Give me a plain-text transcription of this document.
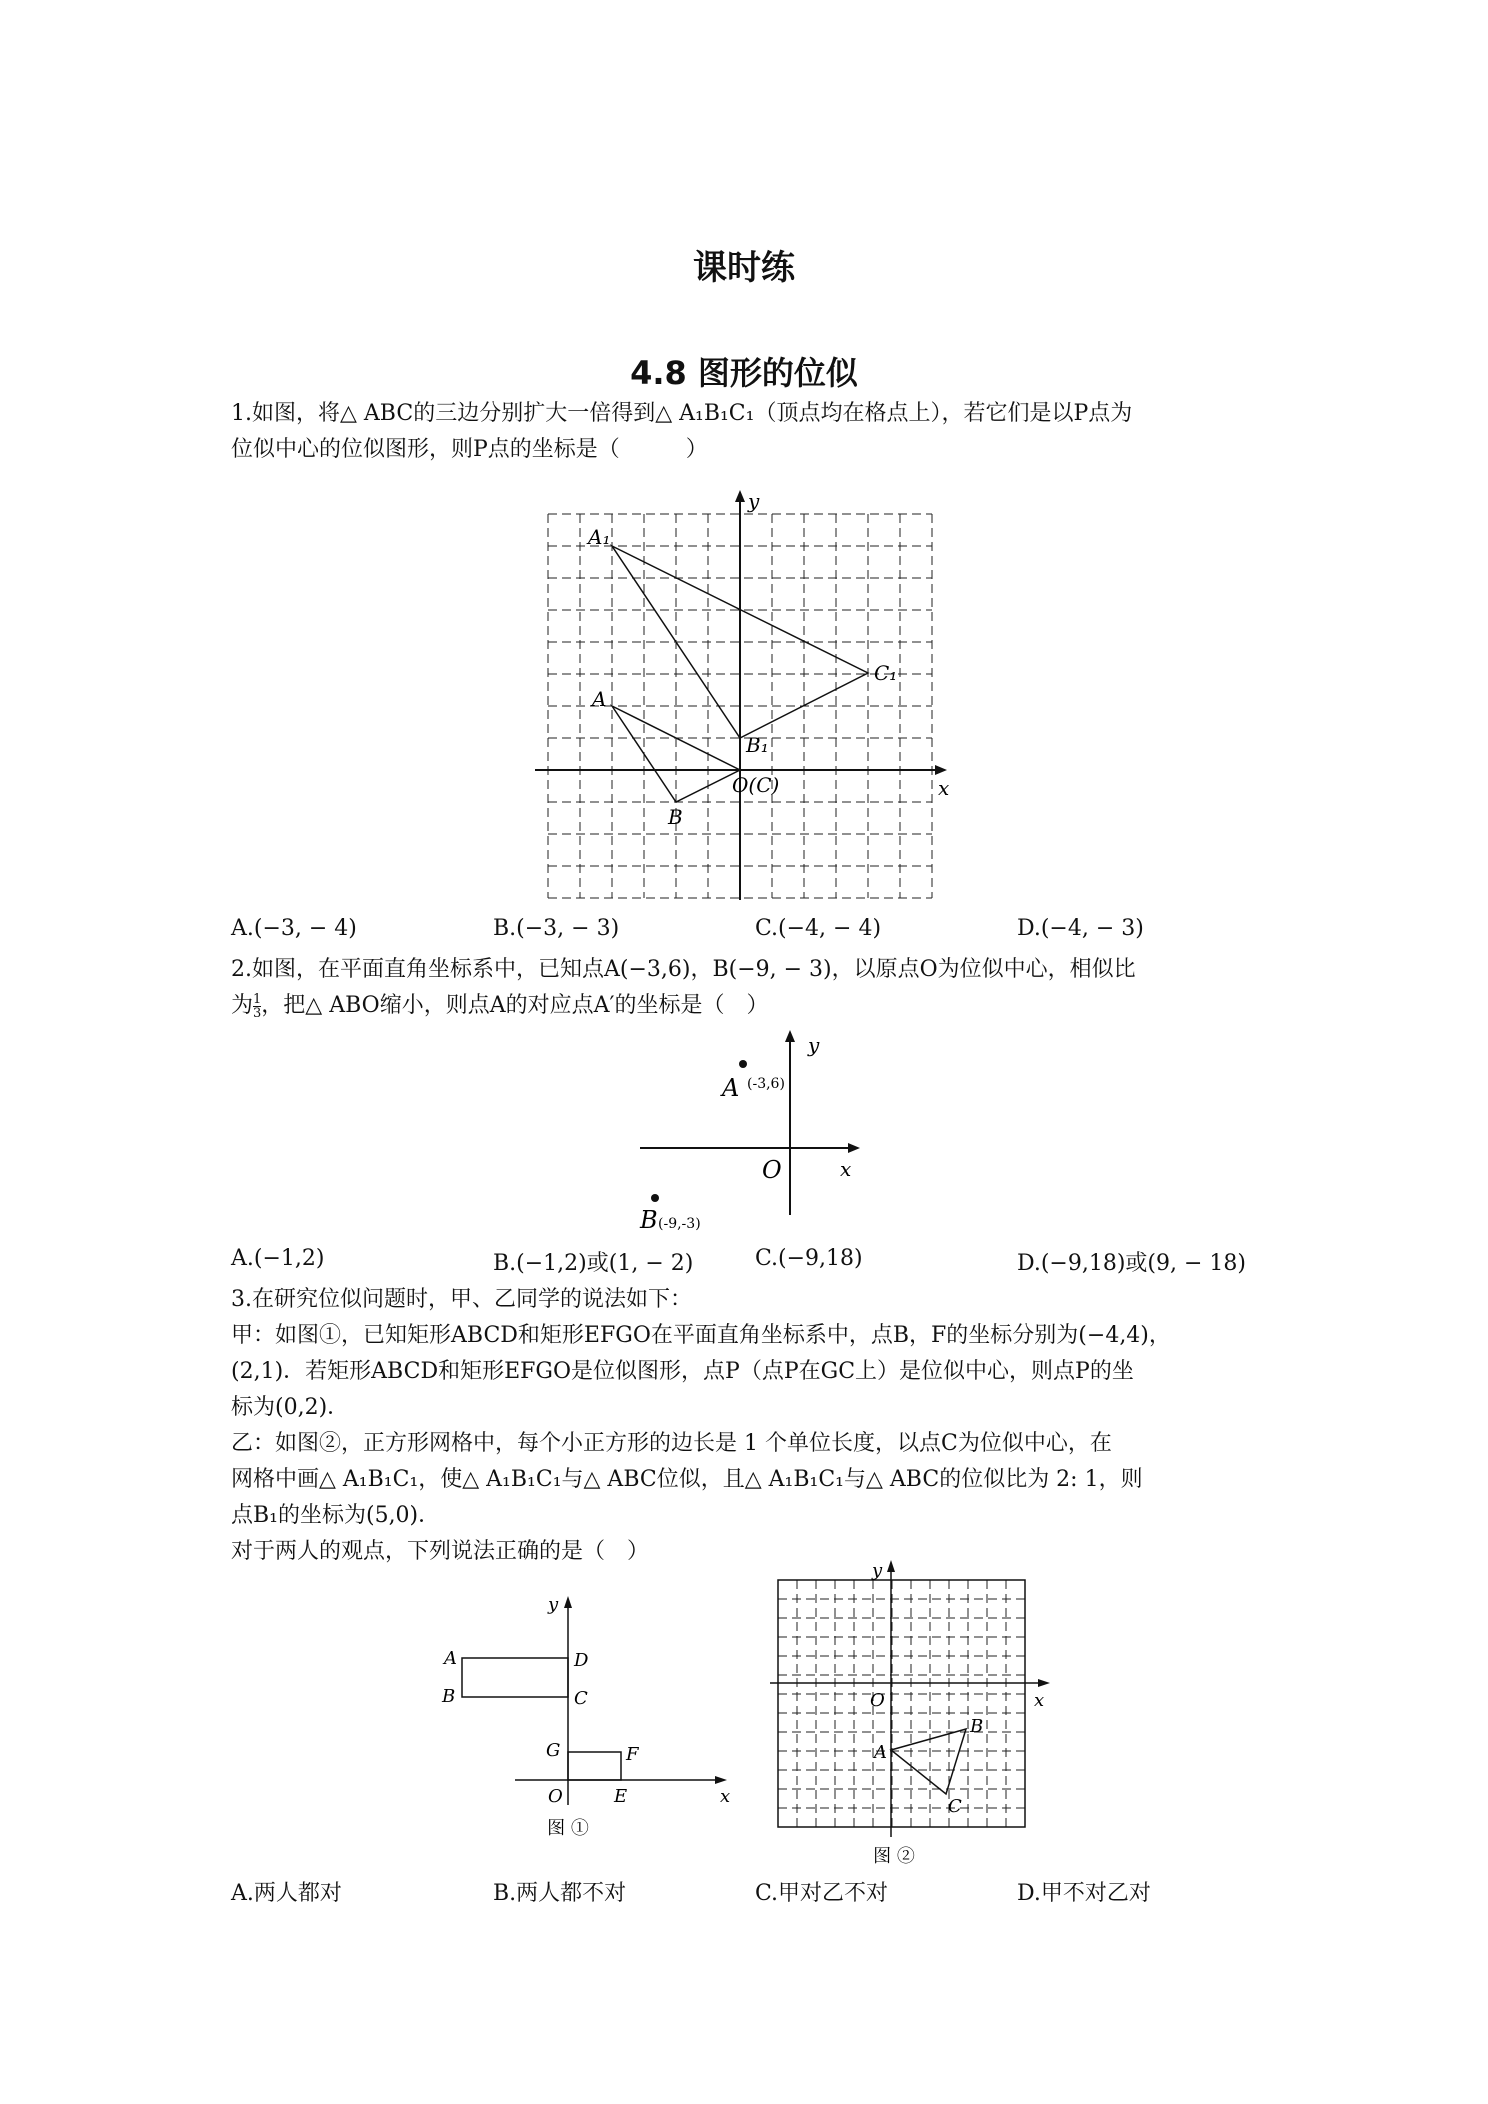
课时练
4.8 图形的位似
1.如图，将△ ABC的三边分别扩大一倍得到△ A₁B₁C₁（顶点均在格点上），若它们是以P点为
位似中心的位似图形，则P点的坐标是（　　　）
y
x
A₁
C₁
A
B₁
O(C)
B
A.(−3, − 4)	B.(−3, − 3)	C.(−4, − 4)	D.(−4, − 3)
2.如图，在平面直角坐标系中，已知点A(−3,6)，B(−9, − 3)，以原点O为位似中心，相似比
为 $\frac{1}{3}$ ，把△ ABO缩小，则点A的对应点A′的坐标是（　）
y
x
A (-3,6)
O
B (-9,-3)
A.(−1,2)	B.(−1,2)或(1, − 2)	C.(−9,18)	D.(−9,18)或(9, − 18)
3.在研究位似问题时，甲、乙同学的说法如下：
甲：如图①，已知矩形ABCD和矩形EFGO在平面直角坐标系中，点B，F的坐标分别为(−4,4)，
(2,1)．若矩形ABCD和矩形EFGO是位似图形，点P（点P在GC上）是位似中心，则点P的坐
标为(0,2)．
乙：如图②，正方形网格中，每个小正方形的边长是 1 个单位长度，以点C为位似中心，在
网格中画△ A₁B₁C₁，使△ A₁B₁C₁与△ ABC位似，且△ A₁B₁C₁与△ ABC的位似比为 2: 1，则
点B₁的坐标为(5,0)．
对于两人的观点，下列说法正确的是（　）
y
x
A
B
D
C
G	F
O	E
图 ①
y
x
O
A
B
C
图 ②
A.两人都对	B.两人都不对	C.甲对乙不对	D.甲不对乙对
